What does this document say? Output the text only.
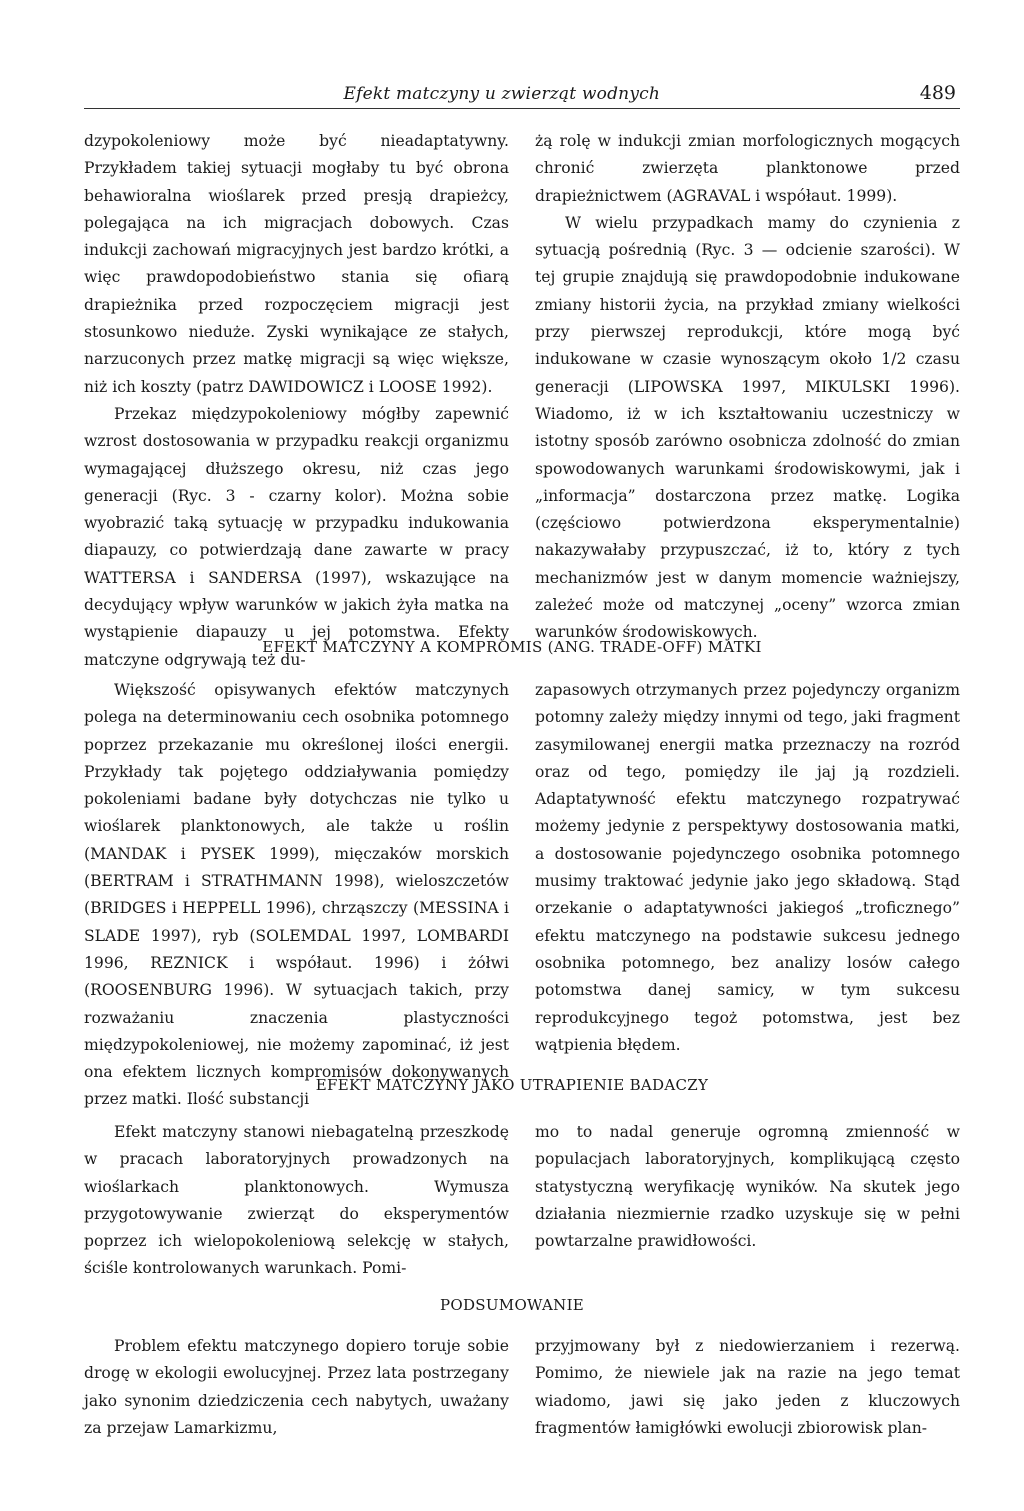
Efekt matczyny u zwierząt wodnych	489

dzypokoleniowy może być nieadaptatywny. Przykładem takiej sytuacji mogłaby tu być obrona behawioralna wioślarek przed presją drapieżcy, polegająca na ich migracjach dobowych. Czas indukcji zachowań migracyjnych jest bardzo krótki, a więc prawdopodobieństwo stania się ofiarą drapieżnika przed rozpoczęciem migracji jest stosunkowo nieduże. Zyski wynikające ze stałych, narzuconych przez matkę migracji są więc większe, niż ich koszty (patrz DAWIDOWICZ i LOOSE 1992).

Przekaz międzypokoleniowy mógłby zapewnić wzrost dostosowania w przypadku reakcji organizmu wymagającej dłuższego okresu, niż czas jego generacji (Ryc. 3 - czarny kolor). Można sobie wyobrazić taką sytuację w przypadku indukowania diapauzy, co potwierdzają dane zawarte w pracy WATTERSA i SANDERSA (1997), wskazujące na decydujący wpływ warunków w jakich żyła matka na wystąpienie diapauzy u jej potomstwa. Efekty matczyne odgrywają też du-

żą rolę w indukcji zmian morfologicznych mogących chronić zwierzęta planktonowe przed drapieżnictwem (AGRAVAL i współaut. 1999).

W wielu przypadkach mamy do czynienia z sytuacją pośrednią (Ryc. 3 — odcienie szarości). W tej grupie znajdują się prawdopodobnie indukowane zmiany historii życia, na przykład zmiany wielkości przy pierwszej reprodukcji, które mogą być indukowane w czasie wynoszącym około 1/2 czasu generacji (LIPOWSKA 1997, MIKULSKI 1996). Wiadomo, iż w ich kształtowaniu uczestniczy w istotny sposób zarówno osobnicza zdolność do zmian spowodowanych warunkami środowiskowymi, jak i „informacja” dostarczona przez matkę. Logika (częściowo potwierdzona eksperymentalnie) nakazywałaby przypuszczać, iż to, który z tych mechanizmów jest w danym momencie ważniejszy, zależeć może od matczynej „oceny” wzorca zmian warunków środowiskowych.

EFEKT MATCZYNY A KOMPROMIS (ANG. TRADE-OFF) MATKI

Większość opisywanych efektów matczynych polega na determinowaniu cech osobnika potomnego poprzez przekazanie mu określonej ilości energii. Przykłady tak pojętego oddziaływania pomiędzy pokoleniami badane były dotychczas nie tylko u wioślarek planktonowych, ale także u roślin (MANDAK i PYSEK 1999), mięczaków morskich (BERTRAM i STRATHMANN 1998), wieloszczetów (BRIDGES i HEPPELL 1996), chrząszczy (MESSINA i SLADE 1997), ryb (SOLEMDAL 1997, LOMBARDI 1996, REZNICK i współaut. 1996) i żółwi (ROOSENBURG 1996). W sytuacjach takich, przy rozważaniu znaczenia plastyczności międzypokoleniowej, nie możemy zapominać, iż jest ona efektem licznych kompromisów dokonywanych przez matki. Ilość substancji

zapasowych otrzymanych przez pojedynczy organizm potomny zależy między innymi od tego, jaki fragment zasymilowanej energii matka przeznaczy na rozród oraz od tego, pomiędzy ile jaj ją rozdzieli. Adaptatywność efektu matczynego rozpatrywać możemy jedynie z perspektywy dostosowania matki, a dostosowanie pojedynczego osobnika potomnego musimy traktować jedynie jako jego składową. Stąd orzekanie o adaptatywności jakiegoś „troficznego” efektu matczynego na podstawie sukcesu jednego osobnika potomnego, bez analizy losów całego potomstwa danej samicy, w tym sukcesu reprodukcyjnego tegoż potomstwa, jest bez wątpienia błędem.

EFEKT MATCZYNY JAKO UTRAPIENIE BADACZY

Efekt matczyny stanowi niebagatelną przeszkodę w pracach laboratoryjnych prowadzonych na wioślarkach planktonowych. Wymusza przygotowywanie zwierząt do eksperymentów poprzez ich wielopokoleniową selekcję w stałych, ściśle kontrolowanych warunkach. Pomi-

mo to nadal generuje ogromną zmienność w populacjach laboratoryjnych, komplikującą często statystyczną weryfikację wyników. Na skutek jego działania niezmiernie rzadko uzyskuje się w pełni powtarzalne prawidłowości.

PODSUMOWANIE

Problem efektu matczynego dopiero toruje sobie drogę w ekologii ewolucyjnej. Przez lata postrzegany jako synonim dziedziczenia cech nabytych, uważany za przejaw Lamarkizmu,

przyjmowany był z niedowierzaniem i rezerwą. Pomimo, że niewiele jak na razie na jego temat wiadomo, jawi się jako jeden z kluczowych fragmentów łamigłówki ewolucji zbiorowisk plan-
